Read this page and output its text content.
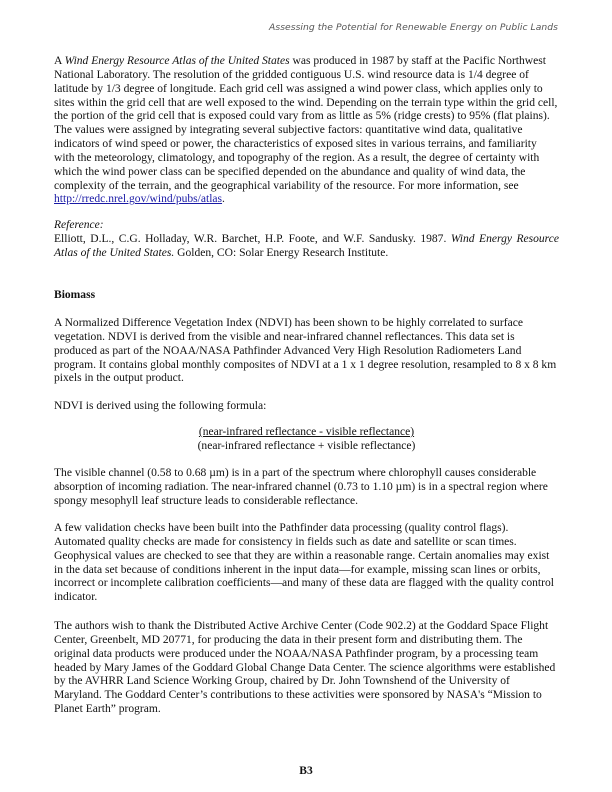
Assessing the Potential for Renewable Energy on Public Lands

A Wind Energy Resource Atlas of the United States was produced in 1987 by staff at the Pacific Northwest National Laboratory. The resolution of the gridded contiguous U.S. wind resource data is 1/4 degree of latitude by 1/3 degree of longitude. Each grid cell was assigned a wind power class, which applies only to sites within the grid cell that are well exposed to the wind. Depending on the terrain type within the grid cell, the portion of the grid cell that is exposed could vary from as little as 5% (ridge crests) to 95% (flat plains). The values were assigned by integrating several subjective factors: quantitative wind data, qualitative indicators of wind speed or power, the characteristics of exposed sites in various terrains, and familiarity with the meteorology, climatology, and topography of the region. As a result, the degree of certainty with which the wind power class can be specified depended on the abundance and quality of wind data, the complexity of the terrain, and the geographical variability of the resource. For more information, see http://rredc.nrel.gov/wind/pubs/atlas.

Reference:

Elliott, D.L., C.G. Holladay, W.R. Barchet, H.P. Foote, and W.F. Sandusky. 1987. Wind Energy Resource Atlas of the United States. Golden, CO: Solar Energy Research Institute.

Biomass

A Normalized Difference Vegetation Index (NDVI) has been shown to be highly correlated to surface vegetation. NDVI is derived from the visible and near-infrared channel reflectances. This data set is produced as part of the NOAA/NASA Pathfinder Advanced Very High Resolution Radiometers Land program. It contains global monthly composites of NDVI at a 1 x 1 degree resolution, resampled to 8 x 8 km pixels in the output product.

NDVI is derived using the following formula:
(near-infrared reflectance - visible reflectance)
(near-infrared reflectance + visible reflectance)

The visible channel (0.58 to 0.68 µm) is in a part of the spectrum where chlorophyll causes considerable absorption of incoming radiation. The near-infrared channel (0.73 to 1.10 µm) is in a spectral region where spongy mesophyll leaf structure leads to considerable reflectance.

A few validation checks have been built into the Pathfinder data processing (quality control flags). Automated quality checks are made for consistency in fields such as date and satellite or scan times. Geophysical values are checked to see that they are within a reasonable range. Certain anomalies may exist in the data set because of conditions inherent in the input data—for example, missing scan lines or orbits, incorrect or incomplete calibration coefficients—and many of these data are flagged with the quality control indicator.

The authors wish to thank the Distributed Active Archive Center (Code 902.2) at the Goddard Space Flight Center, Greenbelt, MD 20771, for producing the data in their present form and distributing them. The original data products were produced under the NOAA/NASA Pathfinder program, by a processing team headed by Mary James of the Goddard Global Change Data Center. The science algorithms were established by the AVHRR Land Science Working Group, chaired by Dr. John Townshend of the University of Maryland. The Goddard Center’s contributions to these activities were sponsored by NASA's “Mission to Planet Earth” program.

B3
